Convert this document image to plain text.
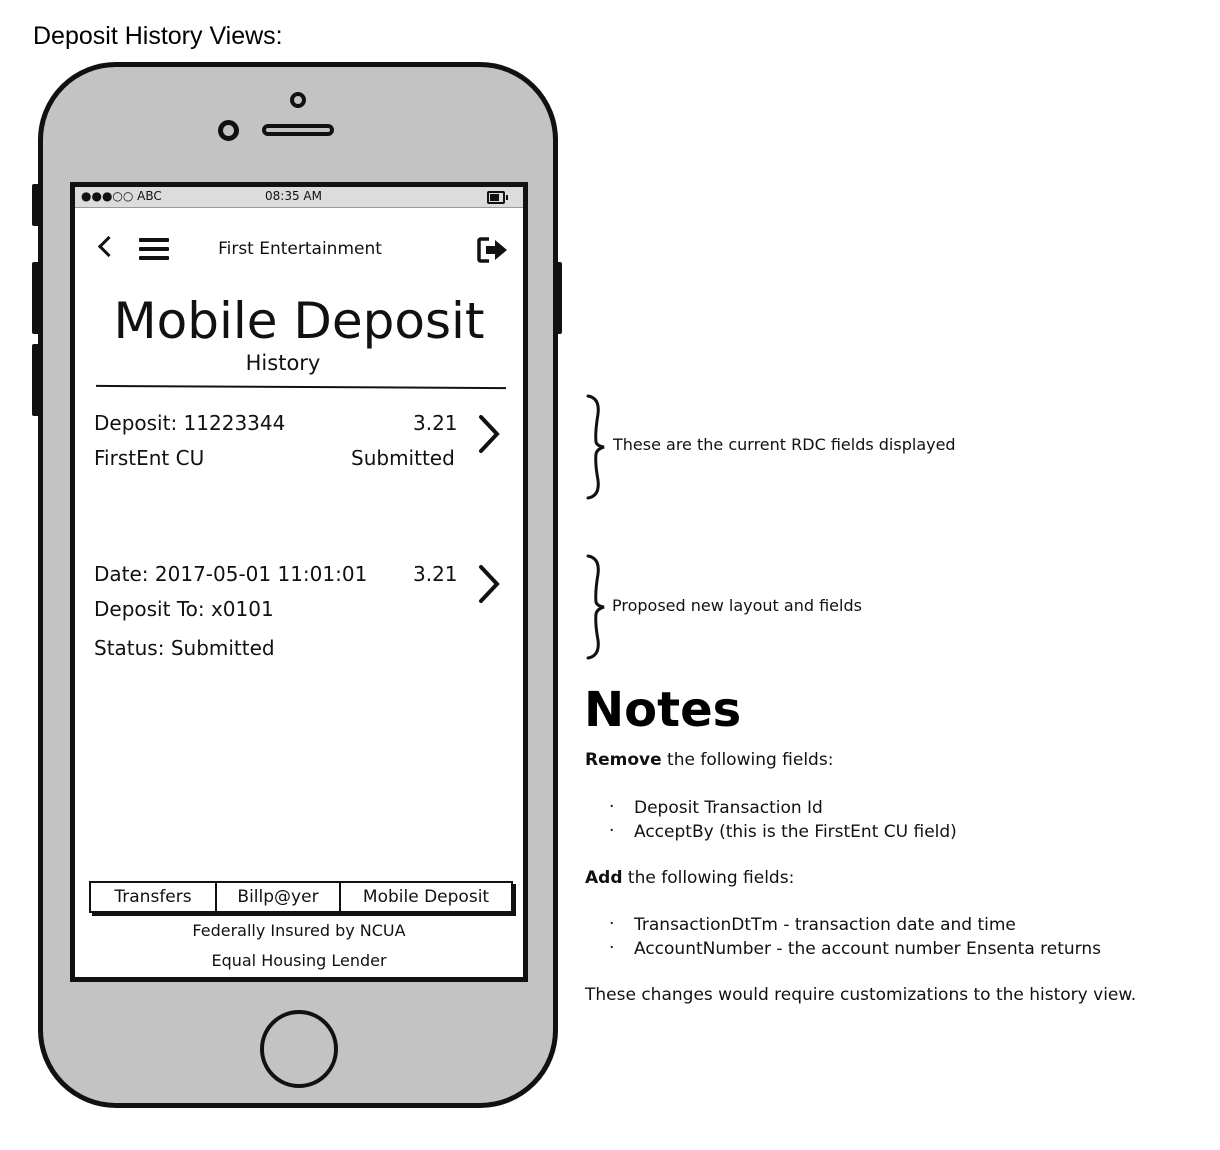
Deposit History Views:
●●●○○ ABC	08:35 AM
First Entertainment
Mobile Deposit
History
Deposit: 11223344	3.21
FirstEnt CU	Submitted
Date: 2017-05-01 11:01:01 3.21
Deposit To: x0101
Status: Submitted
Transfers	Billp@yer	Mobile Deposit
Federally Insured by NCUA
Equal Housing Lender
These are the current RDC fields displayed
Proposed new layout and fields
Notes
Remove the following fields:
· Deposit Transaction Id
· AcceptBy (this is the FirstEnt CU field)
Add the following fields:
· TransactionDtTm - transaction date and time
· AccountNumber - the account number Ensenta returns
These changes would require customizations to the history view.
